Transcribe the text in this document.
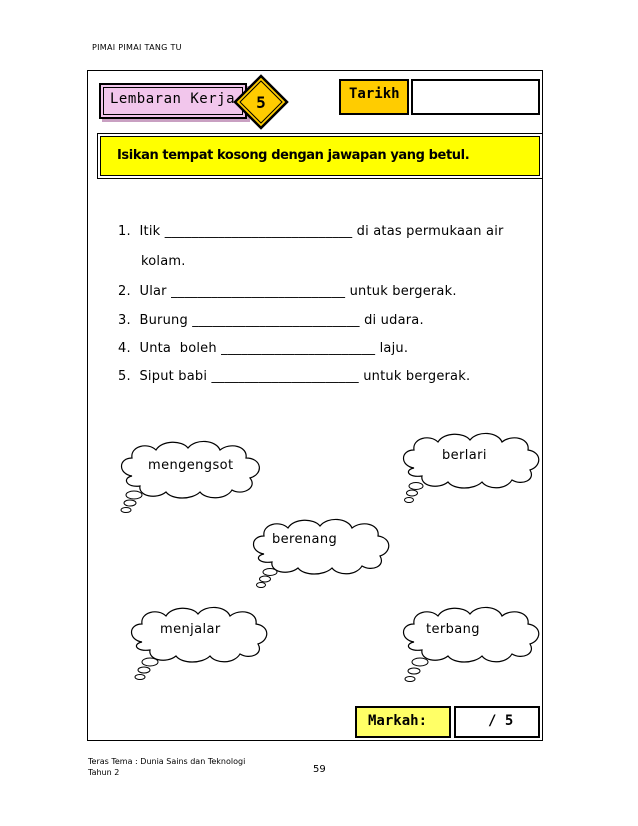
PIMAI PIMAI TANG TU
Lembaran Kerja 5	Tarikh
Isikan tempat kosong dengan jawapan yang betul.
1. Itik ____________________________ di atas permukaan air
kolam.
2. Ular __________________________ untuk bergerak.
3. Burung _________________________ di udara.
4. Unta  boleh _______________________ laju.
5. Siput babi ______________________ untuk bergerak.
mengengsot
berlari
berenang
menjalar	terbang
Markah:	/ 5
Teras Tema : Dunia Sains dan Teknologi
Tahun 2	59
